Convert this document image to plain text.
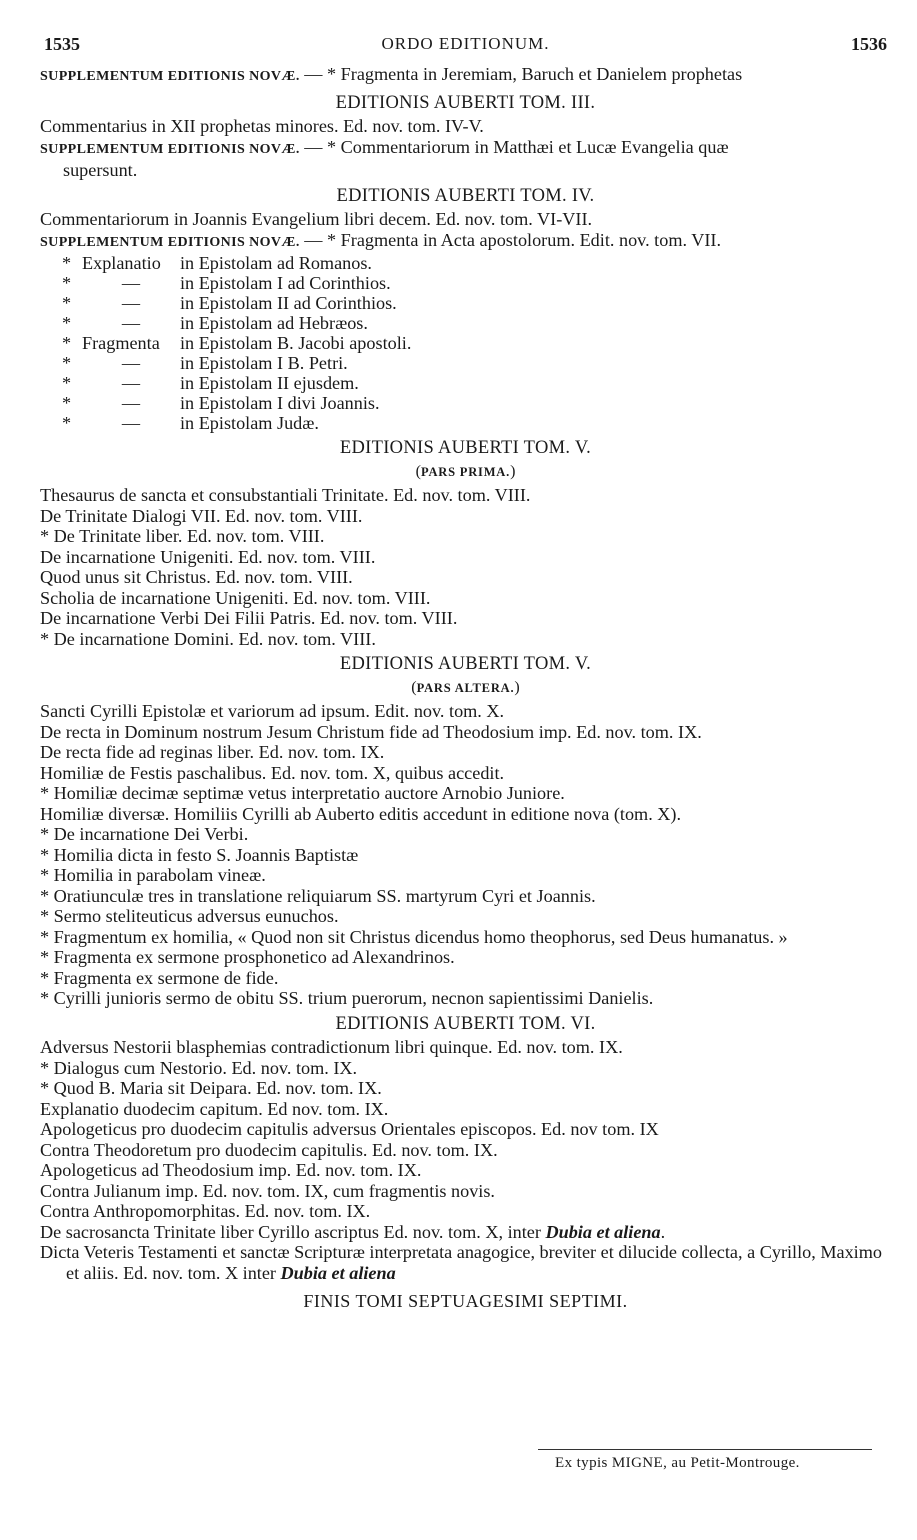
1535	ORDO EDITIONUM.	1536
SUPPLEMENTUM EDITIONIS NOVÆ. — * Fragmenta in Jeremiam, Baruch et Danielem prophetas
EDITIONIS AUBERTI TOM. III.
Commentarius in XII prophetas minores. Ed. nov. tom. IV-V.
SUPPLEMENTUM EDITIONIS NOVÆ. — * Commentariorum in Matthæi et Lucæ Evangelia quæ
supersunt.
EDITIONIS AUBERTI TOM. IV.
Commentariorum in Joannis Evangelium libri decem. Ed. nov. tom. VI-VII.
SUPPLEMENTUM EDITIONIS NOVÆ. — * Fragmenta in Acta apostolorum. Edit. nov. tom. VII.
* Explanatio	in Epistolam ad Romanos.
*	—	in Epistolam I ad Corinthios.
*	—	in Epistolam II ad Corinthios.
*	—	in Epistolam ad Hebræos.
* Fragmenta	in Epistolam B. Jacobi apostoli.
*	—	in Epistolam I B. Petri.
*	—	in Epistolam II ejusdem.
*	—	in Epistolam I divi Joannis.
*	—	in Epistolam Judæ.
EDITIONIS AUBERTI TOM. V.
(PARS PRIMA.)
Thesaurus de sancta et consubstantiali Trinitate. Ed. nov. tom. VIII.
De Trinitate Dialogi VII. Ed. nov. tom. VIII.
* De Trinitate liber. Ed. nov. tom. VIII.
De incarnatione Unigeniti. Ed. nov. tom. VIII.
Quod unus sit Christus. Ed. nov. tom. VIII.
Scholia de incarnatione Unigeniti. Ed. nov. tom. VIII.
De incarnatione Verbi Dei Filii Patris. Ed. nov. tom. VIII.
* De incarnatione Domini. Ed. nov. tom. VIII.
EDITIONIS AUBERTI TOM. V.
(PARS ALTERA.)
Sancti Cyrilli Epistolæ et variorum ad ipsum. Edit. nov. tom. X.
De recta in Dominum nostrum Jesum Christum fide ad Theodosium imp. Ed. nov. tom. IX.
De recta fide ad reginas liber. Ed. nov. tom. IX.
Homiliæ de Festis paschalibus. Ed. nov. tom. X, quibus accedit.
* Homiliæ decimæ septimæ vetus interpretatio auctore Arnobio Juniore.
Homiliæ diversæ. Homiliis Cyrilli ab Auberto editis accedunt in editione nova (tom. X).
* De incarnatione Dei Verbi.
* Homilia dicta in festo S. Joannis Baptistæ
* Homilia in parabolam vineæ.
* Oratiunculæ tres in translatione reliquiarum SS. martyrum Cyri et Joannis.
* Sermo steliteuticus adversus eunuchos.
* Fragmentum ex homilia, « Quod non sit Christus dicendus homo theophorus, sed Deus humanatus. »
* Fragmenta ex sermone prosphonetico ad Alexandrinos.
* Fragmenta ex sermone de fide.
* Cyrilli junioris sermo de obitu SS. trium puerorum, necnon sapientissimi Danielis.
EDITIONIS AUBERTI TOM. VI.
Adversus Nestorii blasphemias contradictionum libri quinque. Ed. nov. tom. IX.
* Dialogus cum Nestorio. Ed. nov. tom. IX.
* Quod B. Maria sit Deipara. Ed. nov. tom. IX.
Explanatio duodecim capitum. Ed nov. tom. IX.
Apologeticus pro duodecim capitulis adversus Orientales episcopos. Ed. nov tom. IX
Contra Theodoretum pro duodecim capitulis. Ed. nov. tom. IX.
Apologeticus ad Theodosium imp. Ed. nov. tom. IX.
Contra Julianum imp. Ed. nov. tom. IX, cum fragmentis novis.
Contra Anthropomorphitas. Ed. nov. tom. IX.
De sacrosancta Trinitate liber Cyrillo ascriptus Ed. nov. tom. X, inter Dubia et aliena.
Dicta Veteris Testamenti et sanctæ Scripturæ interpretata anagogice, breviter et dilucide collecta, a Cyrillo, Maximo et aliis. Ed. nov. tom. X inter Dubia et aliena
FINIS TOMI SEPTUAGESIMI SEPTIMI.
Ex typis MIGNE, au Petit-Montrouge.
